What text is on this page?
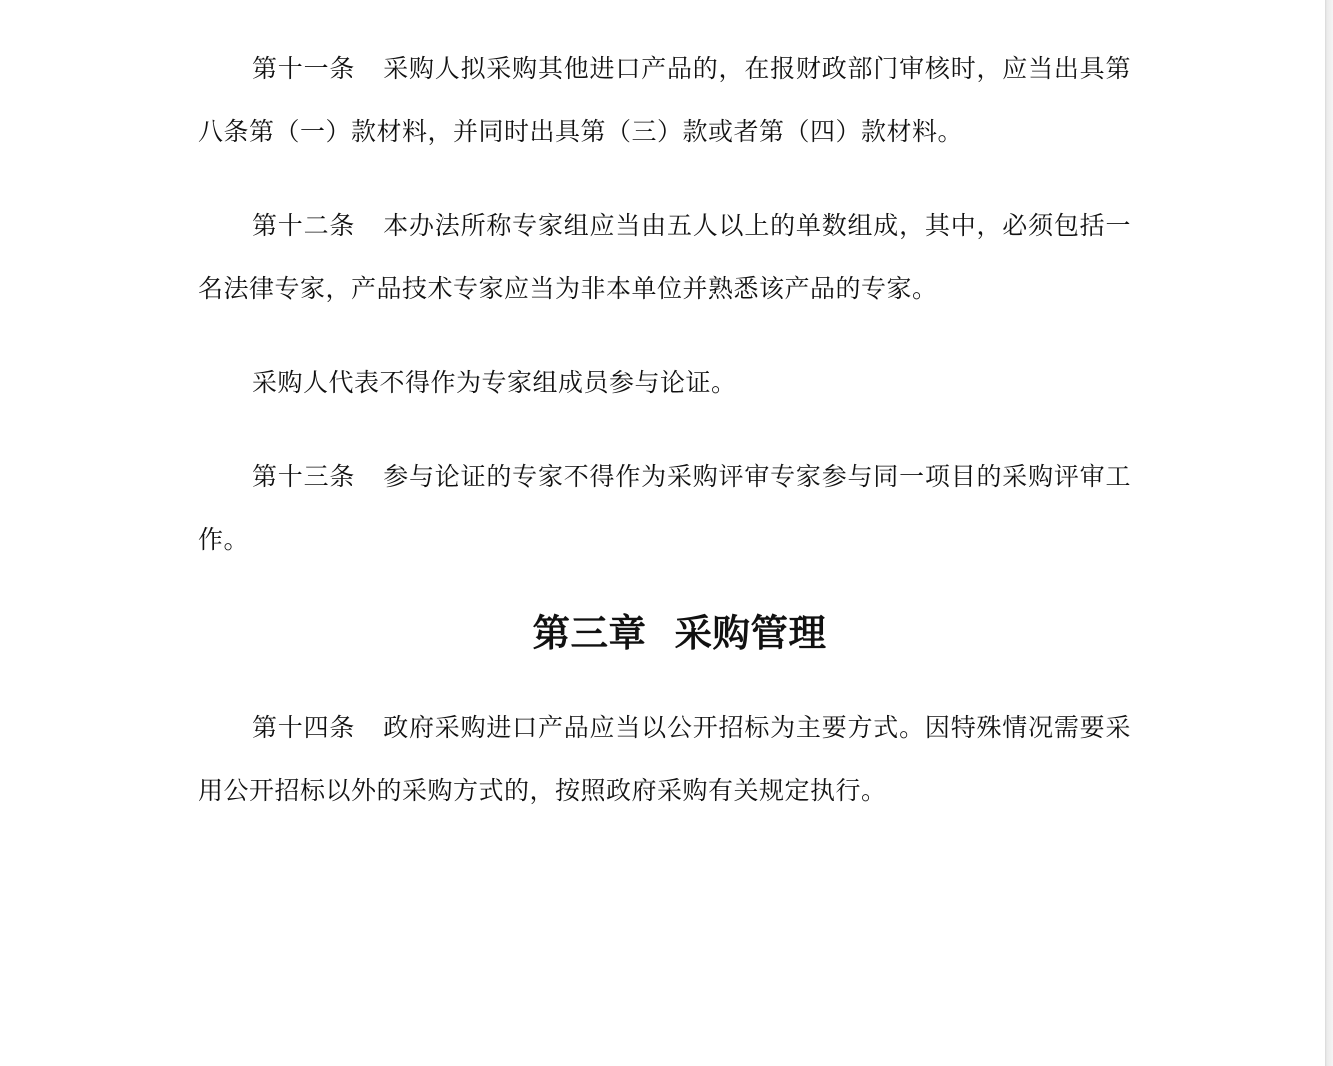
第十一条 采购人拟采购其他进口产品的，在报财政部门审核时，应当出具第八条第（一）款材料，并同时出具第（三）款或者第（四）款材料。

第十二条 本办法所称专家组应当由五人以上的单数组成，其中，必须包括一名法律专家，产品技术专家应当为非本单位并熟悉该产品的专家。

采购人代表不得作为专家组成员参与论证。

第十三条 参与论证的专家不得作为采购评审专家参与同一项目的采购评审工作。

第三章 采购管理

第十四条 政府采购进口产品应当以公开招标为主要方式。因特殊情况需要采用公开招标以外的采购方式的，按照政府采购有关规定执行。
